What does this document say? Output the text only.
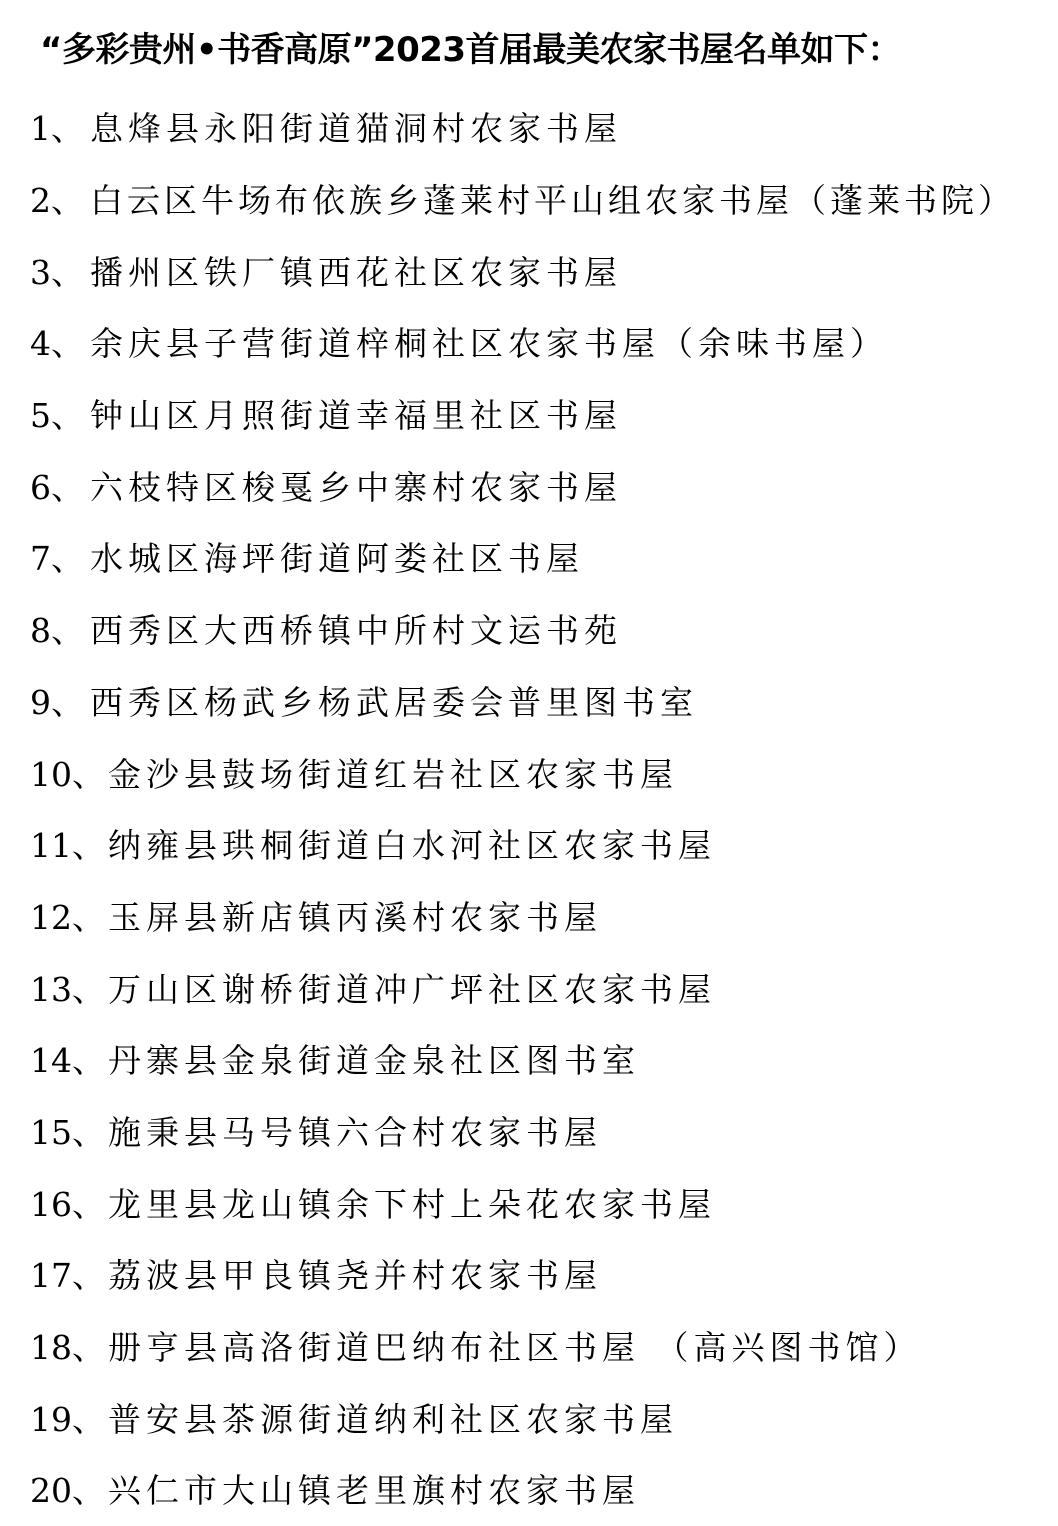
“多彩贵州•书香高原”2023首届最美农家书屋名单如下：
1、 息烽县永阳街道猫洞村农家书屋
2、 白云区牛场布依族乡蓬莱村平山组农家书屋（蓬莱书院）
3、 播州区铁厂镇西花社区农家书屋
4、 余庆县子营街道梓桐社区农家书屋（余味书屋）
5、 钟山区月照街道幸福里社区书屋
6、 六枝特区梭戛乡中寨村农家书屋
7、 水城区海坪街道阿娄社区书屋
8、 西秀区大西桥镇中所村文运书苑
9、 西秀区杨武乡杨武居委会普里图书室
10、 金沙县鼓场街道红岩社区农家书屋
11、 纳雍县珙桐街道白水河社区农家书屋
12、 玉屏县新店镇丙溪村农家书屋
13、 万山区谢桥街道冲广坪社区农家书屋
14、 丹寨县金泉街道金泉社区图书室
15、 施秉县马号镇六合村农家书屋
16、 龙里县龙山镇余下村上朵花农家书屋
17、 荔波县甲良镇尧并村农家书屋
18、 册亨县高洛街道巴纳布社区书屋 （高兴图书馆）
19、 普安县茶源街道纳利社区农家书屋
20、 兴仁市大山镇老里旗村农家书屋
